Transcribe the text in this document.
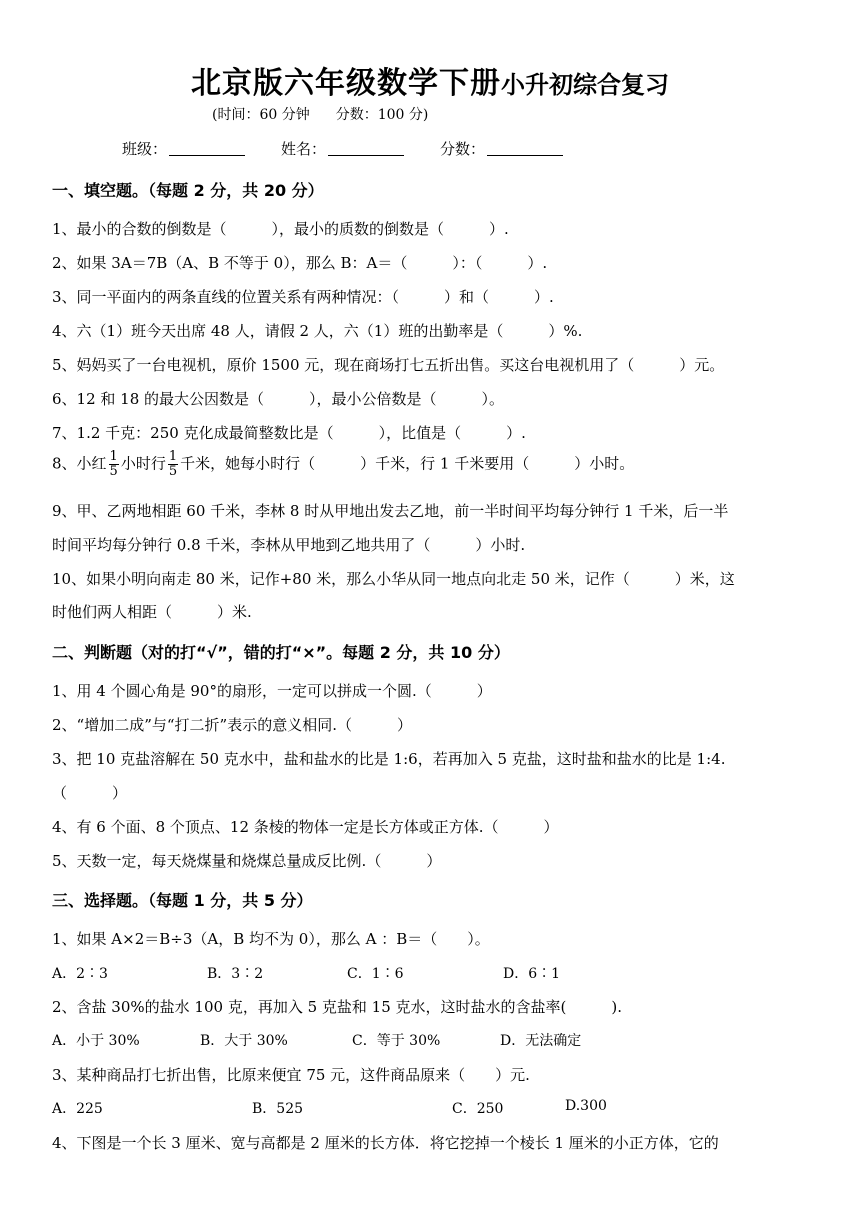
北京版六年级数学下册小升初综合复习
(时间：60 分钟 分数：100 分)
班级：	姓名：	分数：
一、填空题。（每题 2 分，共 20 分）
1、最小的合数的倒数是（　　　），最小的质数的倒数是（　　　）.
2、如果 3A＝7B（A、B 不等于 0），那么 B：A＝（　　　）：（　　　）.
3、同一平面内的两条直线的位置关系有两种情况：（　　　）和（　　　）.
4、六（1）班今天出席 48 人，请假 2 人，六（1）班的出勤率是（　　　）%.
5、妈妈买了一台电视机，原价 1500 元，现在商场打七五折出售。买这台电视机用了（　　　）元。
6、12 和 18 的最大公因数是（　　　），最小公倍数是（　　　）。
7、1.2 千克：250 克化成最简整数比是（　　　），比值是（　　　）.
8、小红 $\frac{1}{5}$ 小时行 $\frac{1}{5}$ 千米，她每小时行（　　　）千米，行 1 千米要用（　　　）小时。
9、甲、乙两地相距 60 千米，李林 8 时从甲地出发去乙地，前一半时间平均每分钟行 1 千米，后一半
时间平均每分钟行 0.8 千米，李林从甲地到乙地共用了（　　　）小时.
10、如果小明向南走 80 米，记作+80 米，那么小华从同一地点向北走 50 米，记作（　　　）米，这
时他们两人相距（　　　）米.
二、判断题（对的打“√”，错的打“×”。每题 2 分，共 10 分）
1、用 4 个圆心角是 90°的扇形，一定可以拼成一个圆.（　　　）
2、“增加二成”与“打二折”表示的意义相同.（　　　）
3、把 10 克盐溶解在 50 克水中，盐和盐水的比是 1:6，若再加入 5 克盐，这时盐和盐水的比是 1:4.
（　　　）
4、有 6 个面、8 个顶点、12 条棱的物体一定是长方体或正方体.（　　　）
5、天数一定，每天烧煤量和烧煤总量成反比例.（　　　）
三、选择题。（每题 1 分，共 5 分）
1、如果 A×2＝B÷3（A，B 均不为 0），那么 A ：B＝（　　）。
A．2∶3	B．3∶2	C．1∶6	D．6∶1
2、含盐 30%的盐水 100 克，再加入 5 克盐和 15 克水，这时盐水的含盐率(　　　).
A．小于 30%	B．大于 30%	C．等于 30%	D．无法确定
3、某种商品打七折出售，比原来便宜 75 元，这件商品原来（　　）元.
A．225	B．525	C．250	D.300
4、下图是一个长 3 厘米、宽与高都是 2 厘米的长方体．将它挖掉一个棱长 1 厘米的小正方体，它的
